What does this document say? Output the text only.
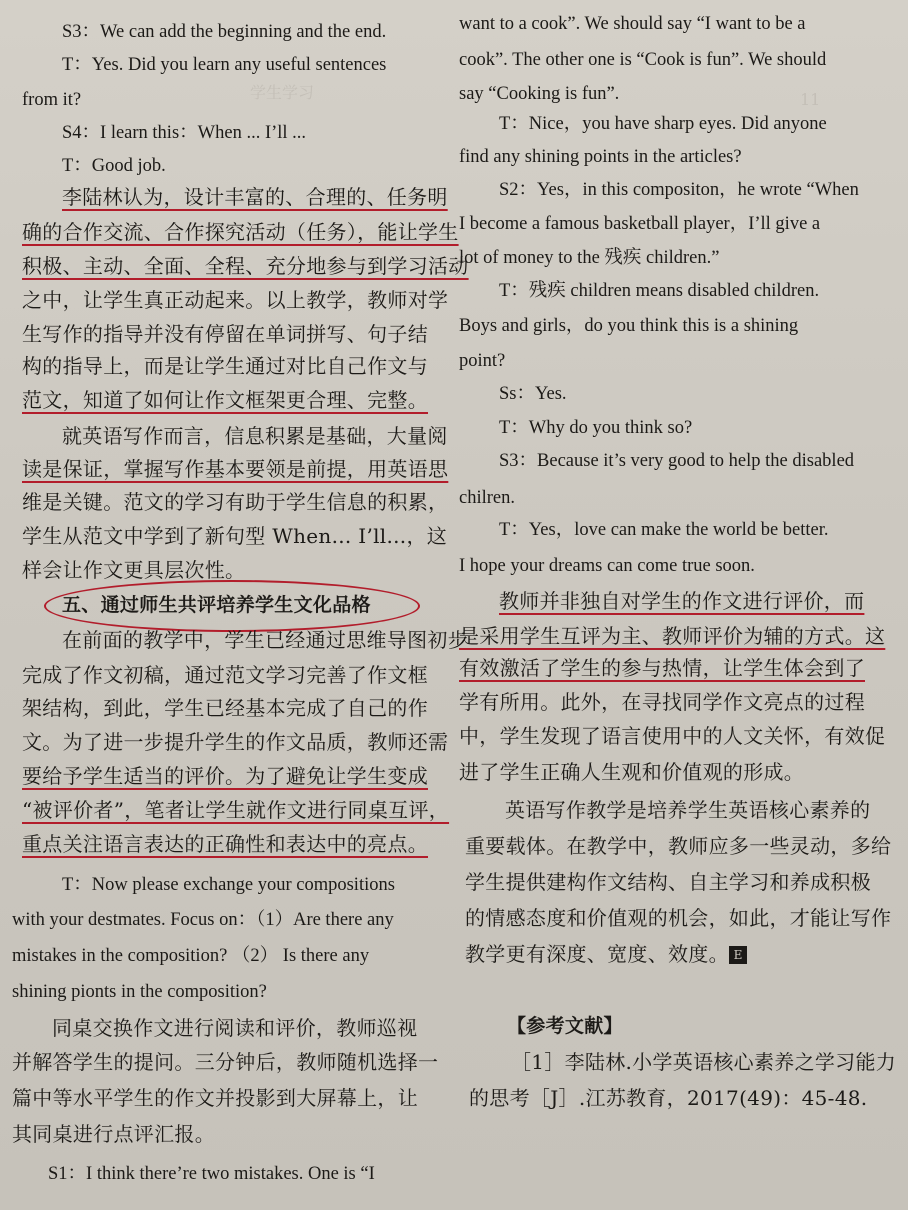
学生学习	11
S3：We can add the beginning and the end.
T：Yes. Did you learn any useful sentences
from it?
S4：I learn this：When ... I’ll ...
T：Good job.
李陆林认为，设计丰富的、合理的、任务明
确的合作交流、合作探究活动（任务），能让学生
积极、主动、全面、全程、充分地参与到学习活动
之中，让学生真正动起来。以上教学，教师对学
生写作的指导并没有停留在单词拼写、句子结
构的指导上，而是让学生通过对比自己作文与
范文，知道了如何让作文框架更合理、完整。
就英语写作而言，信息积累是基础，大量阅
读是保证，掌握写作基本要领是前提，用英语思
维是关键。范文的学习有助于学生信息的积累，
学生从范文中学到了新句型 When... I’ll...，这
样会让作文更具层次性。
五、通过师生共评培养学生文化品格
在前面的教学中，学生已经通过思维导图初步
完成了作文初稿，通过范文学习完善了作文框
架结构，到此，学生已经基本完成了自己的作
文。为了进一步提升学生的作文品质，教师还需
要给予学生适当的评价。为了避免让学生变成
“被评价者”，笔者让学生就作文进行同桌互评，
重点关注语言表达的正确性和表达中的亮点。
T：Now please exchange your compositions
with your destmates. Focus on：（1）Are there any
mistakes in the composition? （2） Is there any
shining pionts in the composition?
同桌交换作文进行阅读和评价，教师巡视
并解答学生的提问。三分钟后，教师随机选择一
篇中等水平学生的作文并投影到大屏幕上，让
其同桌进行点评汇报。
S1：I think there’re two mistakes. One is “I
want to a cook”. We should say “I want to be a
cook”. The other one is “Cook is fun”. We should
say “Cooking is fun”.
T：Nice，you have sharp eyes. Did anyone
find any shining points in the articles?
S2：Yes，in this compositon，he wrote “When
I become a famous basketball player，I’ll give a
lot of money to the 残疾 children.”
T：残疾 children means disabled children.
Boys and girls，do you think this is a shining
point?
Ss：Yes.
T：Why do you think so?
S3：Because it’s very good to help the disabled
chilren.
T：Yes，love can make the world be better.
I hope your dreams can come true soon.
教师并非独自对学生的作文进行评价，而
是采用学生互评为主、教师评价为辅的方式。这
有效激活了学生的参与热情，让学生体会到了
学有所用。此外，在寻找同学作文亮点的过程
中，学生发现了语言使用中的人文关怀，有效促
进了学生正确人生观和价值观的形成。
英语写作教学是培养学生英语核心素养的
重要载体。在教学中，教师应多一些灵动，多给
学生提供建构作文结构、自主学习和养成积极
的情感态度和价值观的机会，如此，才能让写作
教学更有深度、宽度、效度。 E
【参考文献】
［1］李陆林.小学英语核心素养之学习能力
的思考［J］.江苏教育，2017(49)：45-48.
